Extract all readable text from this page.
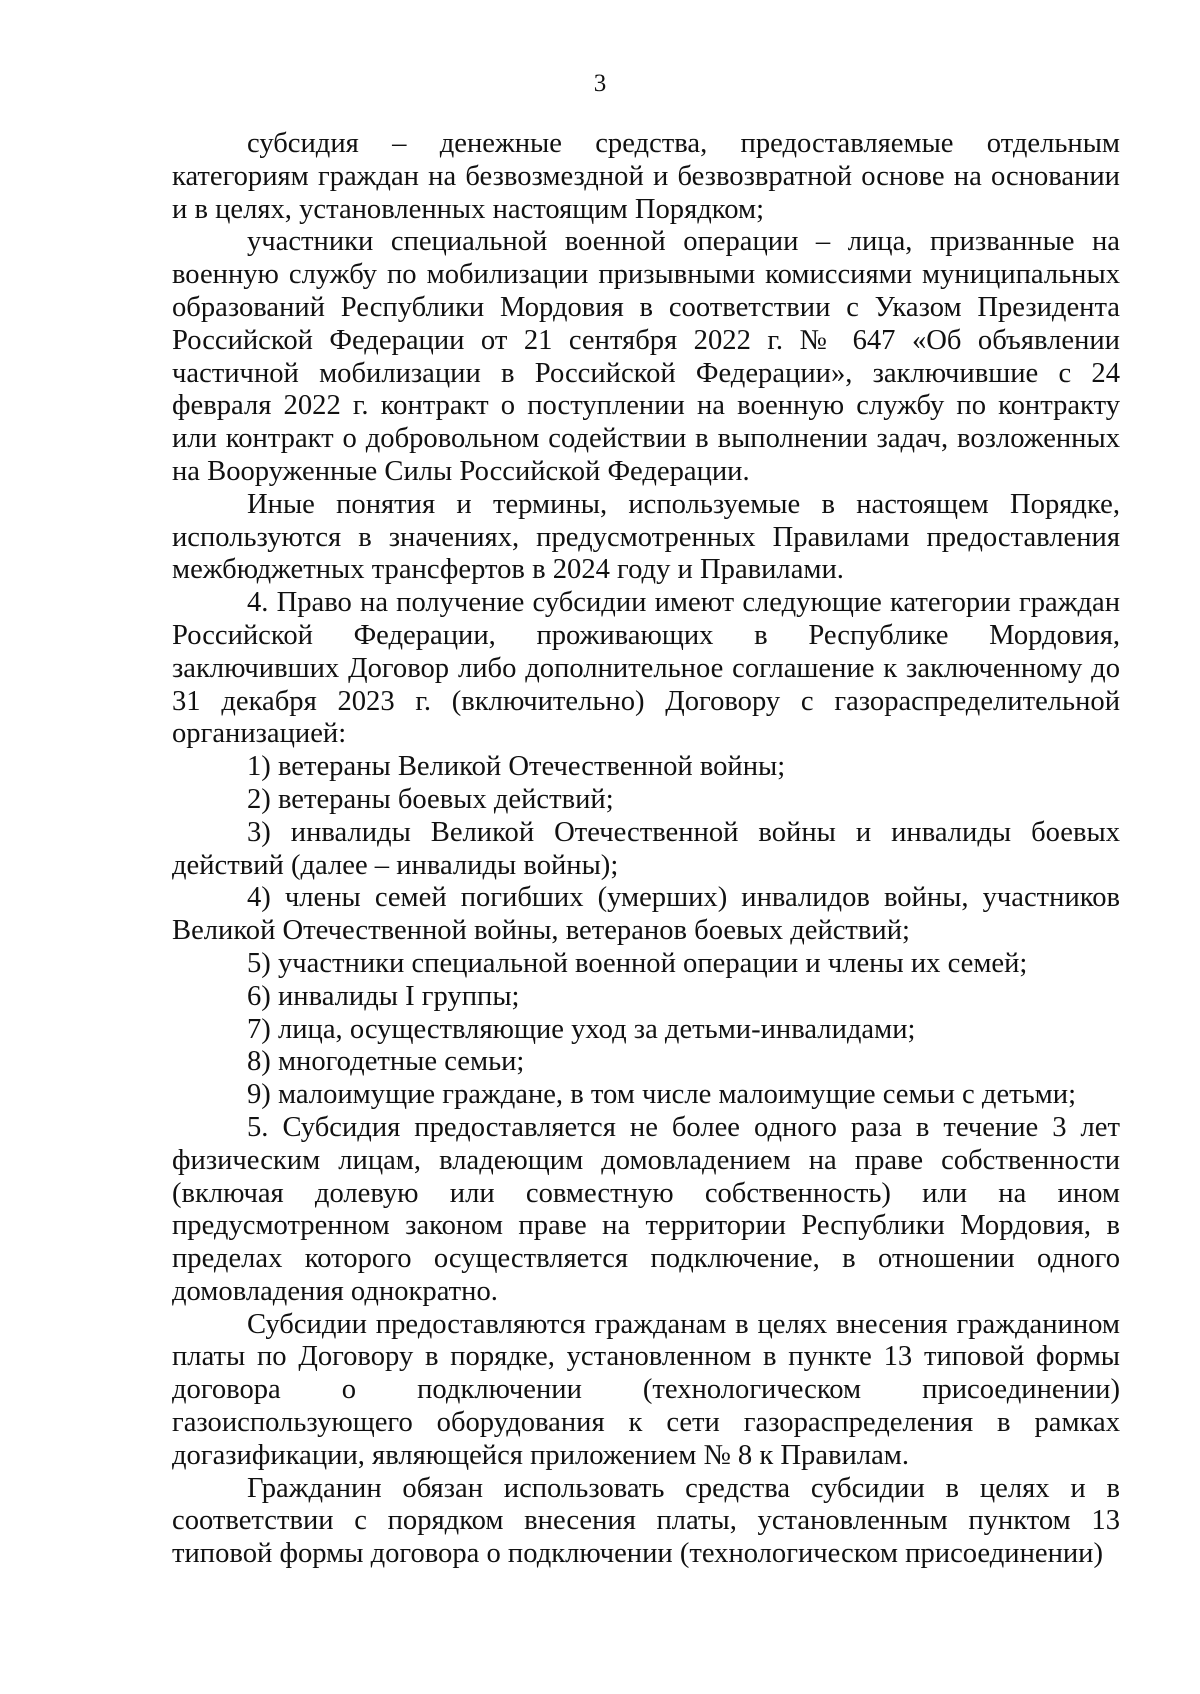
3

субсидия – денежные средства, предоставляемые отдельным категориям граждан на безвозмездной и безвозвратной основе на основании и в целях, установленных настоящим Порядком;

участники специальной военной операции – лица, призванные на военную службу по мобилизации призывными комиссиями муниципальных образований Республики Мордовия в соответствии с Указом Президента Российской Федерации от 21 сентября 2022 г. № 647 «Об объявлении частичной мобилизации в Российской Федерации», заключившие с 24 февраля 2022 г. контракт о поступлении на военную службу по контракту или контракт о добровольном содействии в выполнении задач, возложенных на Вооруженные Силы Российской Федерации.

Иные понятия и термины, используемые в настоящем Порядке, используются в значениях, предусмотренных Правилами предоставления межбюджетных трансфертов в 2024 году и Правилами.

4. Право на получение субсидии имеют следующие категории граждан Российской Федерации, проживающих в Республике Мордовия, заключивших Договор либо дополнительное соглашение к заключенному до 31 декабря 2023 г. (включительно) Договору с газораспределительной организацией:

1) ветераны Великой Отечественной войны;

2) ветераны боевых действий;

3) инвалиды Великой Отечественной войны и инвалиды боевых действий (далее – инвалиды войны);

4) члены семей погибших (умерших) инвалидов войны, участников Великой Отечественной войны, ветеранов боевых действий;

5) участники специальной военной операции и члены их семей;

6) инвалиды I группы;

7) лица, осуществляющие уход за детьми-инвалидами;

8) многодетные семьи;

9) малоимущие граждане, в том числе малоимущие семьи с детьми;

5. Субсидия предоставляется не более одного раза в течение 3 лет физическим лицам, владеющим домовладением на праве собственности (включая долевую или совместную собственность) или на ином предусмотренном законом праве на территории Республики Мордовия, в пределах которого осуществляется подключение, в отношении одного домовладения однократно.

Субсидии предоставляются гражданам в целях внесения гражданином платы по Договору в порядке, установленном в пункте 13 типовой формы договора о подключении (технологическом присоединении) газоиспользующего оборудования к сети газораспределения в рамках догазификации, являющейся приложением № 8 к Правилам.

Гражданин обязан использовать средства субсидии в целях и в соответствии с порядком внесения платы, установленным пунктом 13 типовой формы договора о подключении (технологическом присоединении)
